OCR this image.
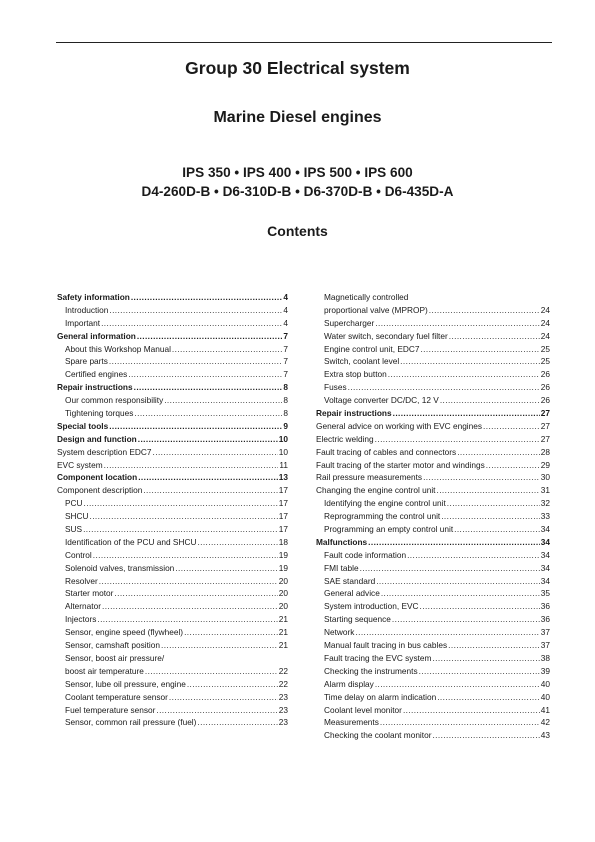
Group 30 Electrical system
Marine Diesel engines
IPS 350 • IPS 400 • IPS 500 • IPS 600
D4-260D-B • D6-310D-B • D6-370D-B • D6-435D-A
Contents
Safety information .....	4
Introduction .....	4
Important .....	4
General information .....	7
About this Workshop Manual .....	7
Spare parts .....	7
Certified engines .....	7
Repair instructions .....	8
Our common responsibility .....	8
Tightening torques .....	8
Special tools .....	9
Design and function .....	10
System description EDC7 .....	10
EVC system .....	11
Component location .....	13
Component description .....	17
PCU .....	17
SHCU .....	17
SUS .....	17
Identification of the PCU and SHCU .....	18
Control .....	19
Solenoid valves, transmission .....	19
Resolver .....	20
Starter motor .....	20
Alternator .....	20
Injectors .....	21
Sensor, engine speed (flywheel) .....	21
Sensor, camshaft position .....	21
Sensor, boost air pressure/
boost air temperature .....	22
Sensor, lube oil pressure, engine .....	22
Coolant temperature sensor .....	23
Fuel temperature sensor .....	23
Sensor, common rail pressure (fuel) .....	23
Magnetically controlled
proportional valve (MPROP) .....	24
Supercharger .....	24
Water switch, secondary fuel filter .....	24
Engine control unit, EDC7 .....	25
Switch, coolant level .....	25
Extra stop button .....	26
Fuses .....	26
Voltage converter DC/DC, 12 V .....	26
Repair instructions .....	27
General advice on working with EVC engines .....	27
Electric welding .....	27
Fault tracing of cables and connectors .....	28
Fault tracing of the starter motor and windings .....	29
Rail pressure measurements .....	30
Changing the engine control unit .....	31
Identifying the engine control unit .....	32
Reprogramming the control unit .....	33
Programming an empty control unit .....	34
Malfunctions .....	34
Fault code information .....	34
FMI table .....	34
SAE standard .....	34
General advice .....	35
System introduction, EVC .....	36
Starting sequence .....	36
Network .....	37
Manual fault tracing in bus cables .....	37
Fault tracing the EVC system .....	38
Checking the instruments .....	39
Alarm display .....	40
Time delay on alarm indication .....	40
Coolant level monitor .....	41
Measurements .....	42
Checking the coolant monitor .....	43
